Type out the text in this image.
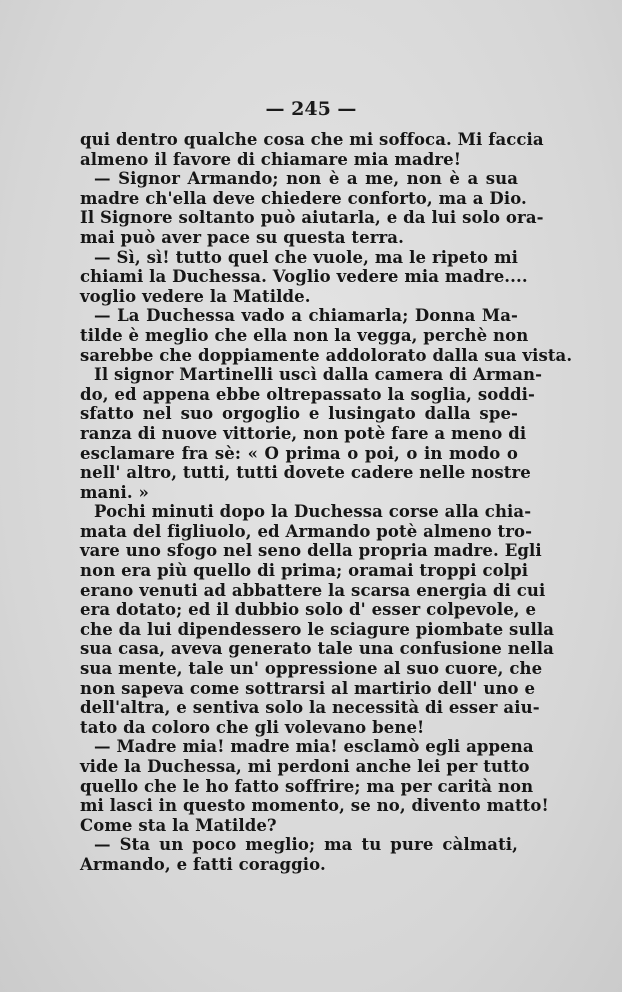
— 245 —
qui dentro qualche cosa che mi soffoca. Mi faccia
almeno il favore di chiamare mia madre!
— Signor Armando; non è a me, non è a sua
madre ch'ella deve chiedere conforto, ma a Dio.
Il Signore soltanto può aiutarla, e da lui solo ora-
mai può aver pace su questa terra.
— Sì, sì! tutto quel che vuole, ma le ripeto mi
chiami la Duchessa. Voglio vedere mia madre....
voglio vedere la Matilde.
— La Duchessa vado a chiamarla; Donna Ma-
tilde è meglio che ella non la vegga, perchè non
sarebbe che doppiamente addolorato dalla sua vista.
Il signor Martinelli uscì dalla camera di Arman-
do, ed appena ebbe oltrepassato la soglia, soddi-
sfatto nel suo orgoglio e lusingato dalla spe-
ranza di nuove vittorie, non potè fare a meno di
esclamare fra sè: « O prima o poi, o in modo o
nell' altro, tutti, tutti dovete cadere nelle nostre
mani. »
Pochi minuti dopo la Duchessa corse alla chia-
mata del figliuolo, ed Armando potè almeno tro-
vare uno sfogo nel seno della propria madre. Egli
non era più quello di prima; oramai troppi colpi
erano venuti ad abbattere la scarsa energia di cui
era dotato; ed il dubbio solo d' esser colpevole, e
che da lui dipendessero le sciagure piombate sulla
sua casa, aveva generato tale una confusione nella
sua mente, tale un' oppressione al suo cuore, che
non sapeva come sottrarsi al martirio dell' uno e
dell'altra, e sentiva solo la necessità di esser aiu-
tato da coloro che gli volevano bene!
— Madre mia! madre mia! esclamò egli appena
vide la Duchessa, mi perdoni anche lei per tutto
quello che le ho fatto soffrire; ma per carità non
mi lasci in questo momento, se no, divento matto!
Come sta la Matilde?
— Sta un poco meglio; ma tu pure càlmati,
Armando, e fatti coraggio.
